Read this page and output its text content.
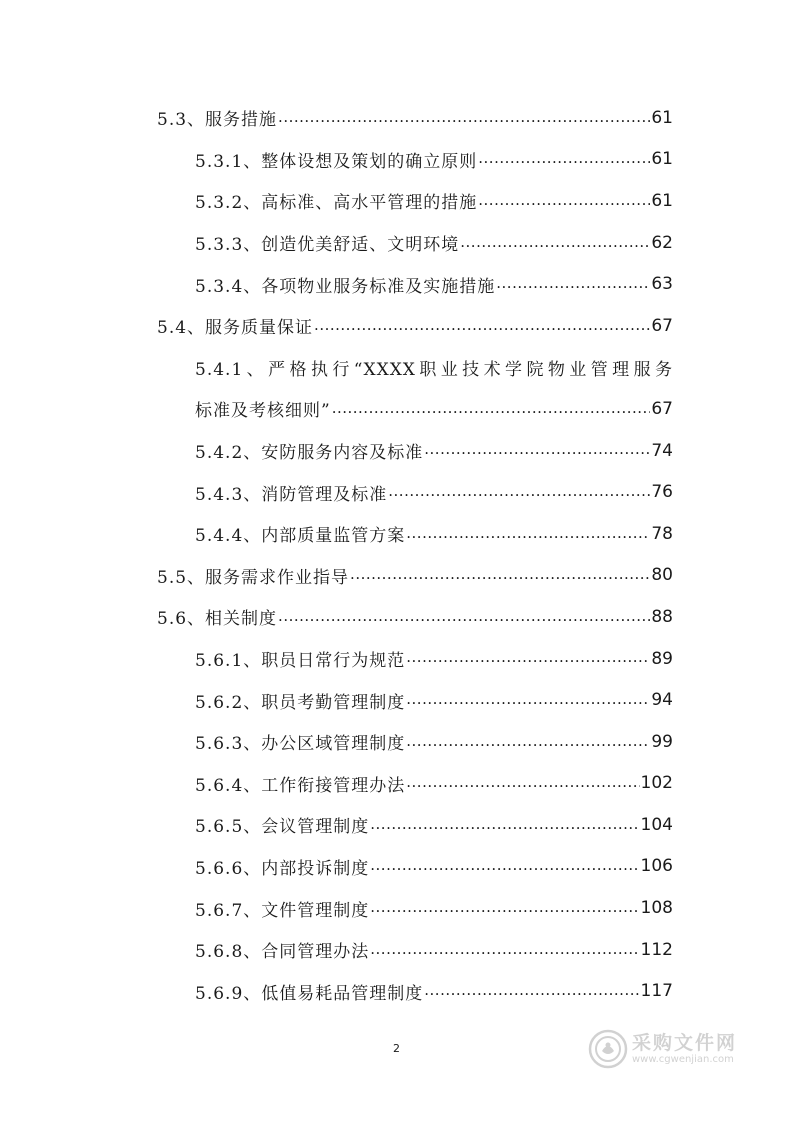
5.3、服务措施 .....	61
5.3.1、整体设想及策划的确立原则 .....	61
5.3.2、高标准、高水平管理的措施 .....	61
5.3.3、创造优美舒适、文明环境 .....	62
5.3.4、各项物业服务标准及实施措施 .....	63
5.4、服务质量保证 .....	67
5.4.1、严格执行“XXXX职业技术学院物业管理服务
标准及考核细则” .....	67
5.4.2、安防服务内容及标准 .....	74
5.4.3、消防管理及标准 .....	76
5.4.4、内部质量监管方案 .....	78
5.5、服务需求作业指导 .....	80
5.6、相关制度 .....	88
5.6.1、职员日常行为规范 .....	89
5.6.2、职员考勤管理制度 .....	94
5.6.3、办公区域管理制度 .....	99
5.6.4、工作衔接管理办法 .....	102
5.6.5、会议管理制度 .....	104
5.6.6、内部投诉制度 .....	106
5.6.7、文件管理制度 .....	108
5.6.8、合同管理办法 .....	112
5.6.9、低值易耗品管理制度 .....	117
2	采购文件网
www.cgwenjian.com
